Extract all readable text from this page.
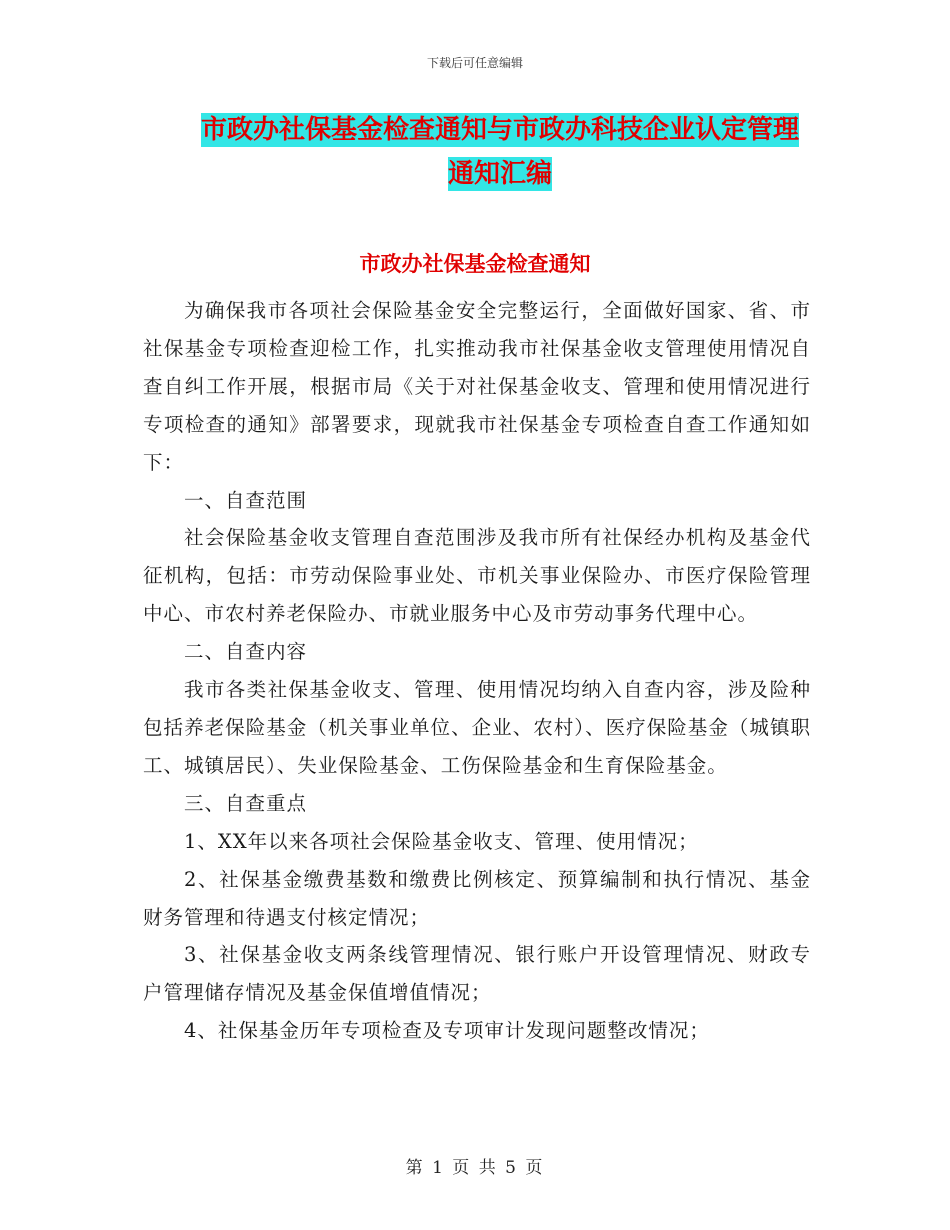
下载后可任意编辑
市政办社保基金检查通知与市政办科技企业认定管理通知汇编
市政办社保基金检查通知

为确保我市各项社会保险基金安全完整运行，全面做好国家、省、市社保基金专项检查迎检工作，扎实推动我市社保基金收支管理使用情况自查自纠工作开展，根据市局《关于对社保基金收支、管理和使用情况进行专项检查的通知》部署要求，现就我市社保基金专项检查自查工作通知如下：

一、自查范围

社会保险基金收支管理自查范围涉及我市所有社保经办机构及基金代征机构，包括：市劳动保险事业处、市机关事业保险办、市医疗保险管理中心、市农村养老保险办、市就业服务中心及市劳动事务代理中心。

二、自查内容

我市各类社保基金收支、管理、使用情况均纳入自查内容，涉及险种包括养老保险基金（机关事业单位、企业、农村）、医疗保险基金（城镇职工、城镇居民）、失业保险基金、工伤保险基金和生育保险基金。

三、自查重点

1、XX年以来各项社会保险基金收支、管理、使用情况；

2、社保基金缴费基数和缴费比例核定、预算编制和执行情况、基金财务管理和待遇支付核定情况；

3、社保基金收支两条线管理情况、银行账户开设管理情况、财政专户管理储存情况及基金保值增值情况；

4、社保基金历年专项检查及专项审计发现问题整改情况；

第 1 页 共 5 页
